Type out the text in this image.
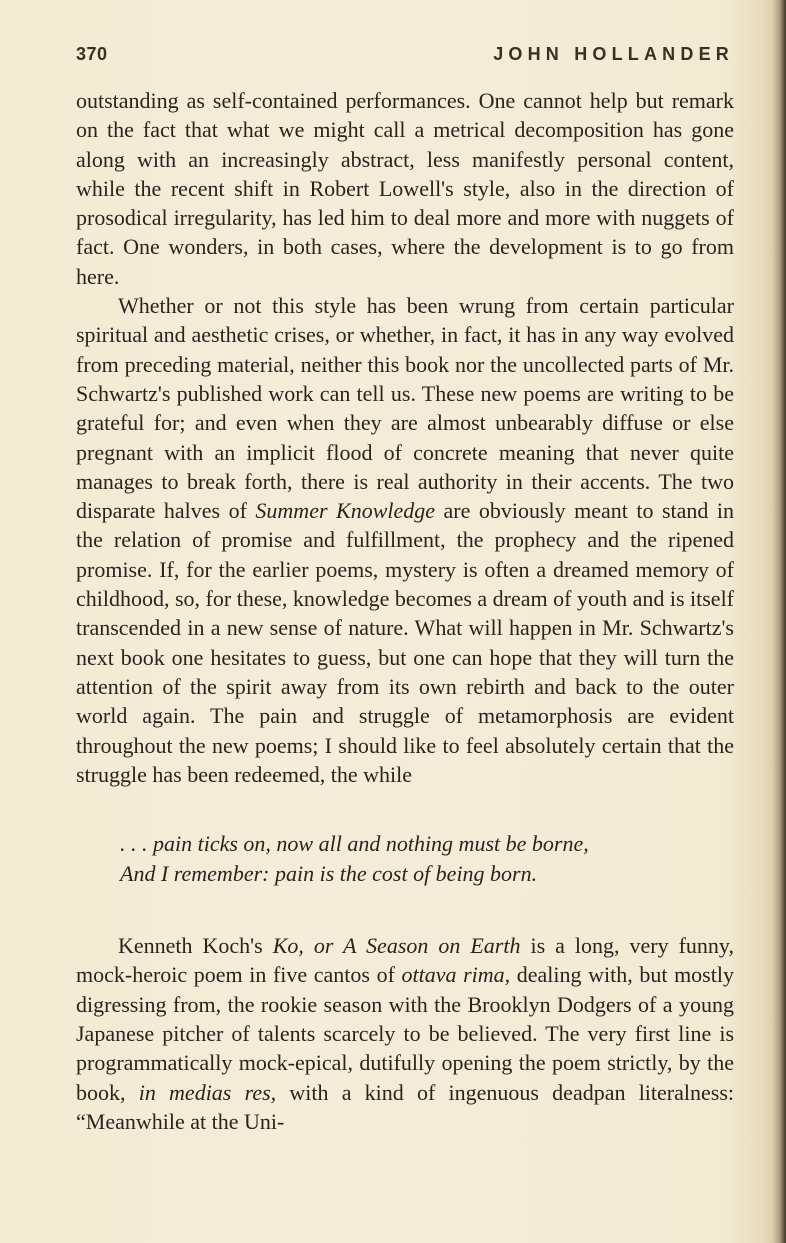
370	JOHN HOLLANDER

outstanding as self-contained performances. One cannot help but remark on the fact that what we might call a metrical decomposition has gone along with an increasingly abstract, less manifestly personal content, while the recent shift in Robert Lowell's style, also in the direction of prosodical irregularity, has led him to deal more and more with nuggets of fact. One wonders, in both cases, where the development is to go from here.

Whether or not this style has been wrung from certain particular spiritual and aesthetic crises, or whether, in fact, it has in any way evolved from preceding material, neither this book nor the uncollected parts of Mr. Schwartz's published work can tell us. These new poems are writing to be grateful for; and even when they are almost unbearably diffuse or else pregnant with an implicit flood of concrete meaning that never quite manages to break forth, there is real authority in their accents. The two disparate halves of Summer Knowledge are obviously meant to stand in the relation of promise and fulfillment, the prophecy and the ripened promise. If, for the earlier poems, mystery is often a dreamed memory of childhood, so, for these, knowledge becomes a dream of youth and is itself transcended in a new sense of nature. What will happen in Mr. Schwartz's next book one hesitates to guess, but one can hope that they will turn the attention of the spirit away from its own rebirth and back to the outer world again. The pain and struggle of metamorphosis are evident throughout the new poems; I should like to feel absolutely certain that the struggle has been redeemed, the while

. . . pain ticks on, now all and nothing must be borne,
And I remember: pain is the cost of being born.

Kenneth Koch's Ko, or A Season on Earth is a long, very funny, mock-heroic poem in five cantos of ottava rima, dealing with, but mostly digressing from, the rookie season with the Brooklyn Dodgers of a young Japanese pitcher of talents scarcely to be believed. The very first line is programmatically mock-epical, dutifully opening the poem strictly, by the book, in medias res, with a kind of ingenuous deadpan literalness: “Meanwhile at the Uni-
